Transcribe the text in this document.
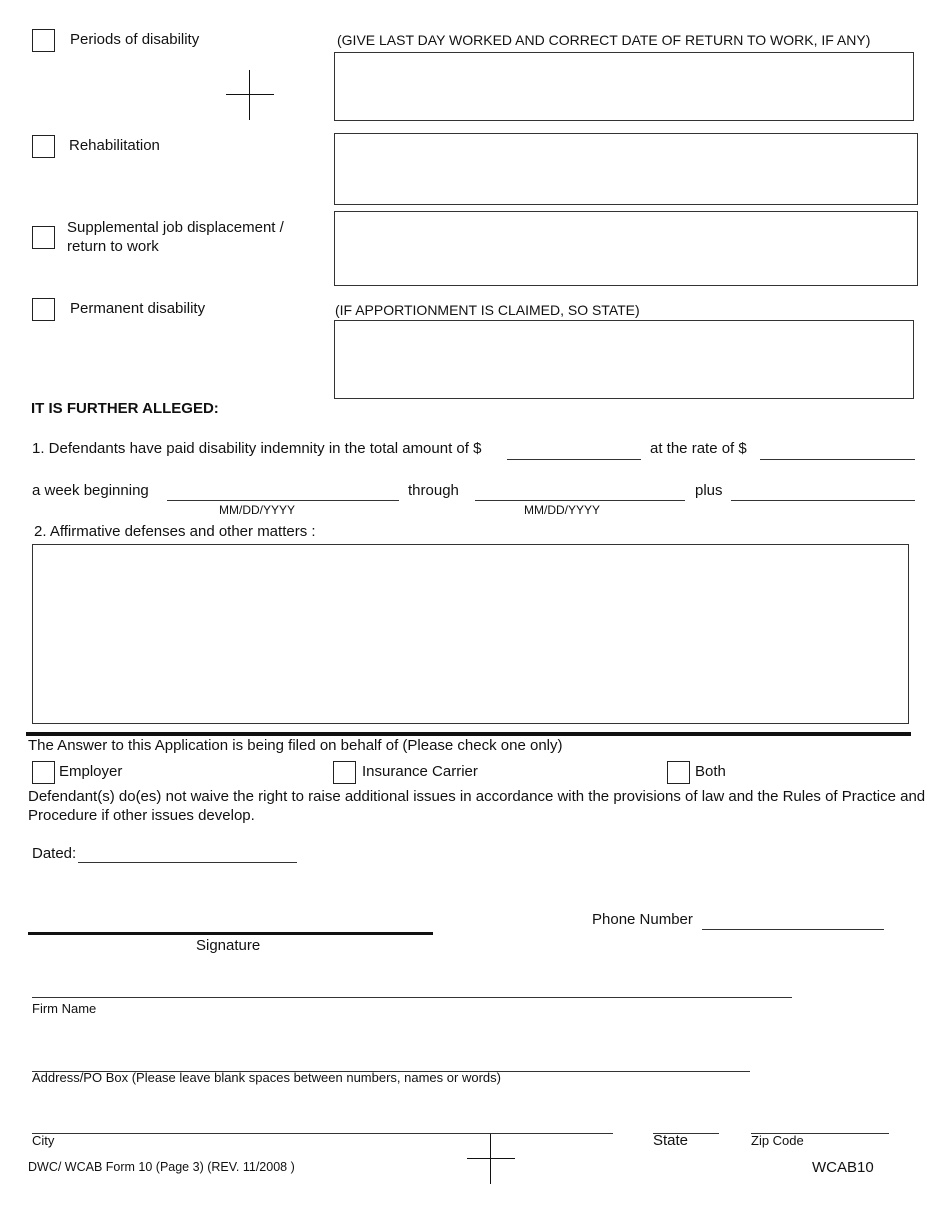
Periods of disability	(GIVE LAST DAY WORKED AND CORRECT DATE OF RETURN TO WORK, IF ANY)
Rehabilitation
Supplemental job displacement / return to work
Permanent disability	(IF APPORTIONMENT IS CLAIMED, SO STATE)
IT IS FURTHER ALLEGED:
1. Defendants have paid disability indemnity in the total amount of $	at the rate of $
a week beginning
MM/DD/YYYY
through
MM/DD/YYYY
plus
2. Affirmative defenses and other matters :
The Answer to this Application is being filed on behalf of (Please check one only)
Employer	Insurance Carrier	Both
Defendant(s) do(es) not waive the right to raise additional issues in accordance with the provisions of law and the Rules of Practice and Procedure if other issues develop.
Dated:
Phone Number
Signature
Firm Name
Address/PO Box (Please leave blank spaces between numbers, names or words)
City	State	Zip Code
DWC/ WCAB Form 10 (Page 3) (REV. 11/2008 )	WCAB10
